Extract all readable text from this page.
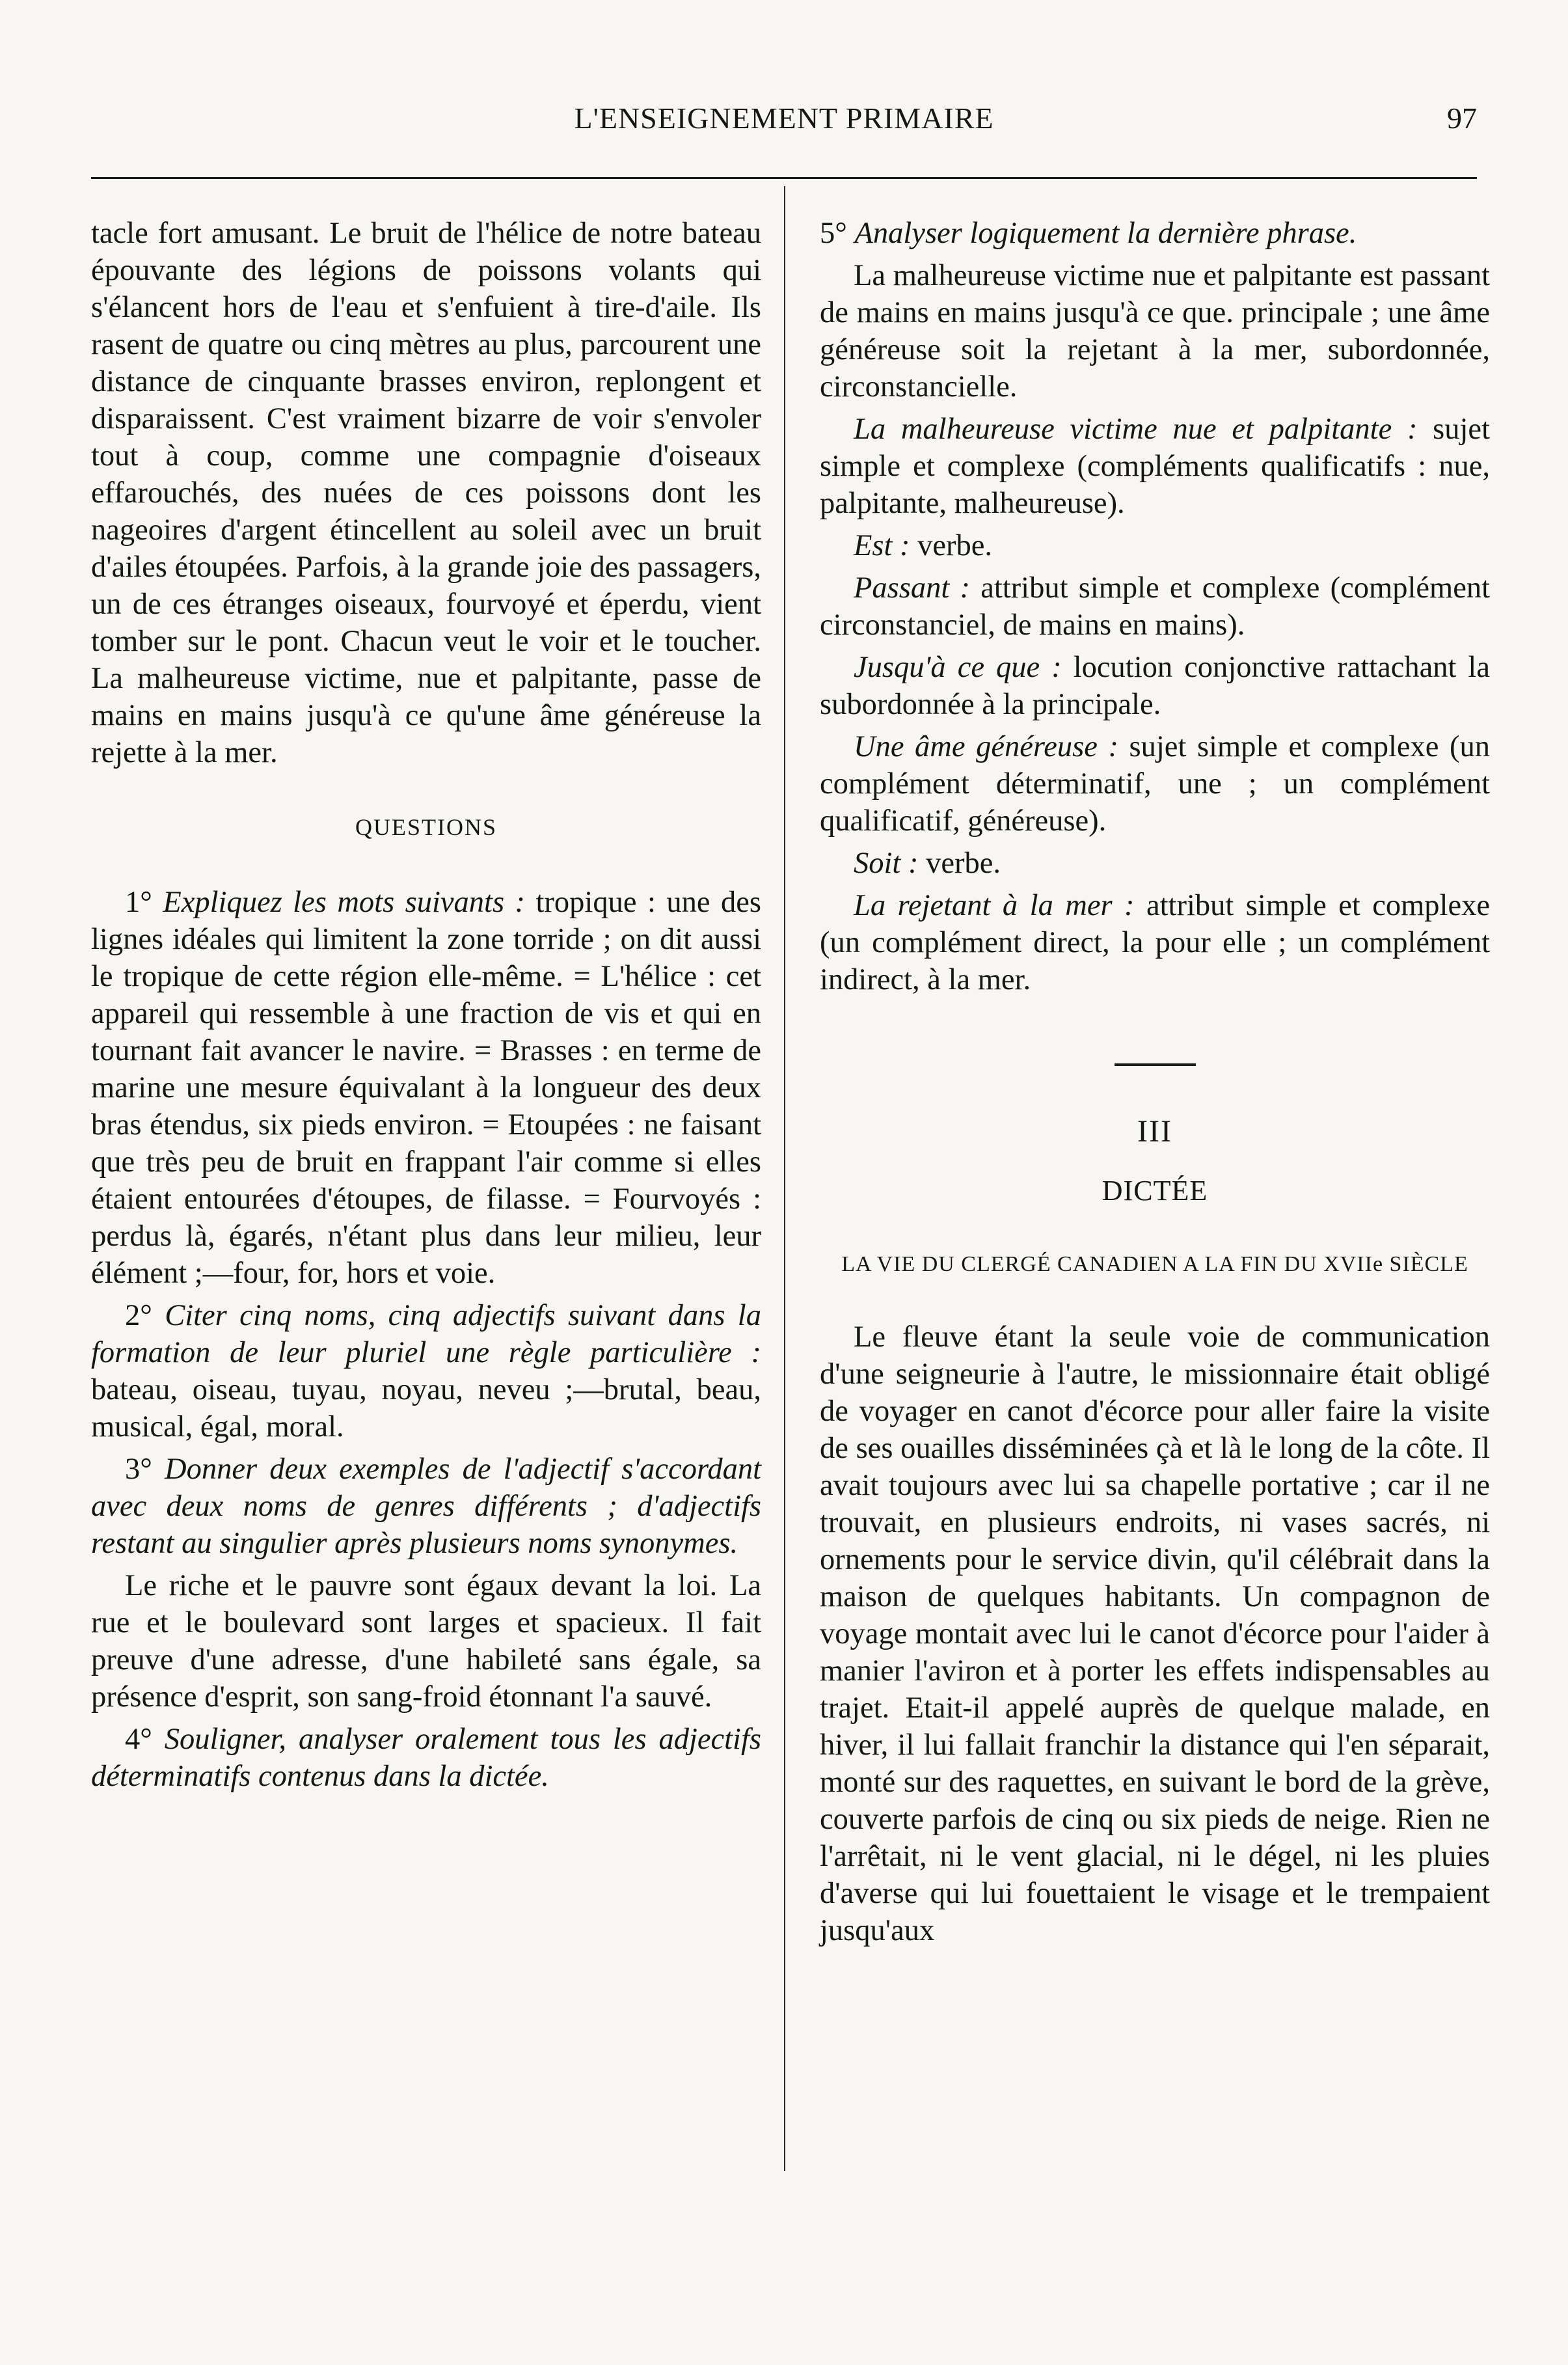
L'ENSEIGNEMENT PRIMAIRE	97

tacle fort amusant. Le bruit de l'hélice de notre bateau épouvante des légions de poissons volants qui s'élancent hors de l'eau et s'enfuient à tire-d'aile. Ils rasent de quatre ou cinq mètres au plus, parcourent une distance de cinquante brasses environ, replongent et disparaissent. C'est vraiment bizarre de voir s'envoler tout à coup, comme une compagnie d'oiseaux effarouchés, des nuées de ces poissons dont les nageoires d'argent étincellent au soleil avec un bruit d'ailes étoupées. Parfois, à la grande joie des passagers, un de ces étranges oiseaux, fourvoyé et éperdu, vient tomber sur le pont. Chacun veut le voir et le toucher. La malheureuse victime, nue et palpitante, passe de mains en mains jusqu'à ce qu'une âme généreuse la rejette à la mer.

QUESTIONS

1° Expliquez les mots suivants : tropique : une des lignes idéales qui limitent la zone torride ; on dit aussi le tropique de cette région elle-même. = L'hélice : cet appareil qui ressemble à une fraction de vis et qui en tournant fait avancer le navire. = Brasses : en terme de marine une mesure équivalant à la longueur des deux bras étendus, six pieds environ. = Etoupées : ne faisant que très peu de bruit en frappant l'air comme si elles étaient entourées d'étoupes, de filasse. = Fourvoyés : perdus là, égarés, n'étant plus dans leur milieu, leur élément ;—four, for, hors et voie.

2° Citer cinq noms, cinq adjectifs suivant dans la formation de leur pluriel une règle particulière : bateau, oiseau, tuyau, noyau, neveu ;—brutal, beau, musical, égal, moral.

3° Donner deux exemples de l'adjectif s'accordant avec deux noms de genres différents ; d'adjectifs restant au singulier après plusieurs noms synonymes.

Le riche et le pauvre sont égaux devant la loi. La rue et le boulevard sont larges et spacieux. Il fait preuve d'une adresse, d'une habileté sans égale, sa présence d'esprit, son sang-froid étonnant l'a sauvé.

4° Souligner, analyser oralement tous les adjectifs déterminatifs contenus dans la dictée.

5° Analyser logiquement la dernière phrase.

La malheureuse victime nue et palpitante est passant de mains en mains jusqu'à ce que. principale ; une âme généreuse soit la rejetant à la mer, subordonnée, circonstancielle.

La malheureuse victime nue et palpitante : sujet simple et complexe (compléments qualificatifs : nue, palpitante, malheureuse).

Est : verbe.

Passant : attribut simple et complexe (complément circonstanciel, de mains en mains).

Jusqu'à ce que : locution conjonctive rattachant la subordonnée à la principale.

Une âme généreuse : sujet simple et complexe (un complément déterminatif, une ; un complément qualificatif, généreuse).

Soit : verbe.

La rejetant à la mer : attribut simple et complexe (un complément direct, la pour elle ; un complément indirect, à la mer.

III
DICTÉE
LA VIE DU CLERGÉ CANADIEN A LA FIN DU XVIIe SIÈCLE

Le fleuve étant la seule voie de communication d'une seigneurie à l'autre, le missionnaire était obligé de voyager en canot d'écorce pour aller faire la visite de ses ouailles disséminées çà et là le long de la côte. Il avait toujours avec lui sa chapelle portative ; car il ne trouvait, en plusieurs endroits, ni vases sacrés, ni ornements pour le service divin, qu'il célébrait dans la maison de quelques habitants. Un compagnon de voyage montait avec lui le canot d'écorce pour l'aider à manier l'aviron et à porter les effets indispensables au trajet. Etait-il appelé auprès de quelque malade, en hiver, il lui fallait franchir la distance qui l'en séparait, monté sur des raquettes, en suivant le bord de la grève, couverte parfois de cinq ou six pieds de neige. Rien ne l'arrêtait, ni le vent glacial, ni le dégel, ni les pluies d'averse qui lui fouettaient le visage et le trempaient jusqu'aux
